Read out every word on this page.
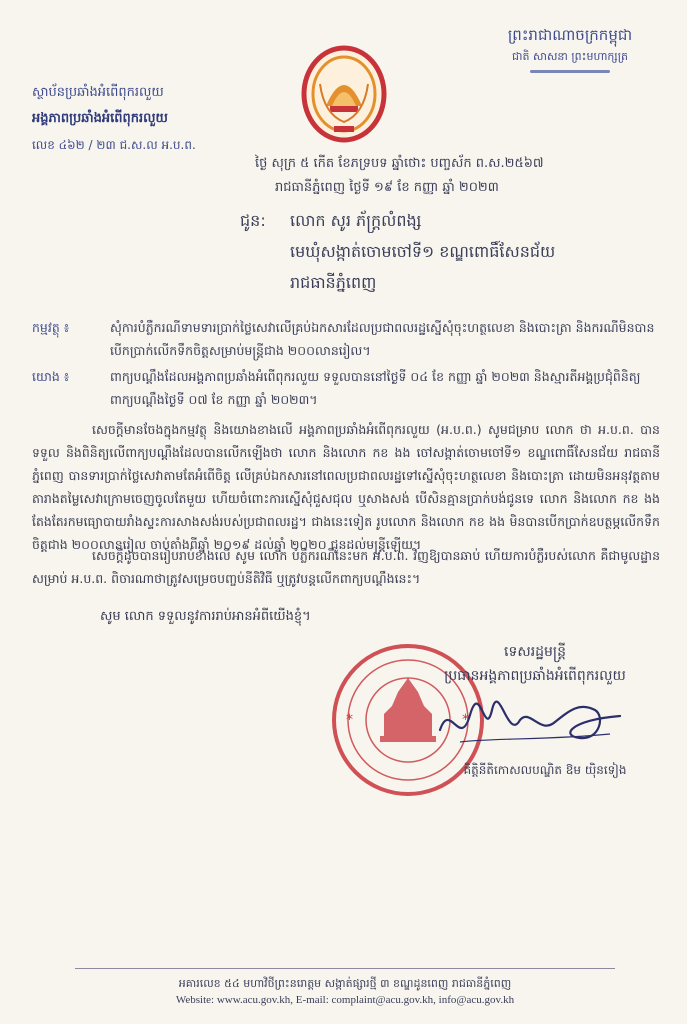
ព្រះរាជាណាចក្រកម្ពុជា
ជាតិ សាសនា ព្រះមហាក្សត្រ
ស្ថាប័នប្រឆាំងអំពើពុករលួយ
អង្គភាពប្រឆាំងអំពើពុករលួយ
លេខ ៤៦២ / ២៣ ជ.ស.ល អ.ប.ព.
ថ្ងៃ សុក្រ ៥ កើត ខែភទ្របទ ឆ្នាំថោះ បញ្ចស័ក ព.ស.២៥៦៧
រាជធានីភ្នំពេញ ថ្ងៃទី ១៩ ខែ កញ្ញា ឆ្នាំ ២០២៣
ជូន: លោក សូរ ភ័ក្រ្តលំពង្ស
មេឃុំសង្កាត់ចោមចៅទី១ ខណ្ឌពោធិ៍សែនជ័យ
រាជធានីភ្នំពេញ
កម្មវត្ថុ ៖	សុំការបំភ្លឺករណីទាមទារប្រាក់ថ្លៃសេវាលើគ្រប់ឯកសារដែលប្រជាពលរដ្ឋស្នើសុំចុះហត្ថលេខា និងបោះត្រា និងករណីមិនបានបើកប្រាក់លើកទឹកចិត្តសម្រាប់មន្ត្រីជាង ២០០លានរៀល។
យោង ៖	ពាក្យបណ្តឹងដែលអង្គភាពប្រឆាំងអំពើពុករលួយ ទទួលបាននៅថ្ងៃទី ០៤ ខែ កញ្ញា ឆ្នាំ ២០២៣ និងស្មារតីអង្គប្រជុំពិនិត្យពាក្យបណ្តឹងថ្ងៃទី ០៧ ខែ កញ្ញា ឆ្នាំ ២០២៣។
សេចក្តីមានចែងក្នុងកម្មវត្ថុ និងយោងខាងលើ អង្គភាពប្រឆាំងអំពើពុករលួយ (អ.ប.ព.) សូមជម្រាប លោក ថា អ.ប.ព. បានទទួល និងពិនិត្យលើពាក្យបណ្តឹងដែលបានលើកឡើងថា លោក និងលោក កខ ងង ចៅសង្កាត់ចោមចៅទី១ ខណ្ឌពោធិ៍សែនជ័យ រាជធានីភ្នំពេញ បានទារប្រាក់ថ្លៃសេវាតាមតែអំពើចិត្ត លើគ្រប់ឯកសារនៅពេលប្រជាពលរដ្ឋទៅស្នើសុំចុះហត្ថលេខា និងបោះត្រា ដោយមិនអនុវត្តតាមតារាងតម្លៃសេវាក្រោមចេញចូលតែមួយ ហើយចំពោះការស្នើសុំជួសជុល ឬសាងសង់ បើសិនគ្មានប្រាក់បង់ជូនទេ លោក និងលោក កខ ងង តែងតែរកមធ្យោបាយរាំងស្ទះការសាងសង់របស់ប្រជាពលរដ្ឋ។ ជាងនេះទៀត រូបលោក និងលោក កខ ងង មិនបានបើកប្រាក់ឧបត្ថម្ភលើកទឹកចិត្តជាង ២០០លានរៀល ចាប់តាំងពីឆ្នាំ ២០១៩ ដល់ឆ្នាំ ២០២០ ជូនដល់មន្ត្រីឡើយ។
សេចក្តីដូចបានរៀបរាប់ខាងលើ សូម លោក បំភ្លឺករណីនេះមក អ.ប.ព. វិញឱ្យបានឆាប់ ហើយការបំភ្លឺរបស់លោក គឺជាមូលដ្ឋានសម្រាប់ អ.ប.ព. ពិចារណាថាត្រូវសម្រេចបញ្ចប់នីតិវិធី ឬត្រូវបន្តលើកពាក្យបណ្តឹងនេះ។
សូម លោក ទទួលនូវការរាប់អានអំពីយើងខ្ញុំ។
*	*
ទេសរដ្ឋមន្ត្រី
ប្រធានអង្គភាពប្រឆាំងអំពើពុករលួយ
គិត្តិនីតិកោសលបណ្ឌិត ឱម យ៉ិនទៀង
អគារលេខ ៥៤ មហាវិថីព្រះនរោត្តម សង្កាត់ផ្សារថ្មី ៣ ខណ្ឌដូនពេញ រាជធានីភ្នំពេញ
Website: www.acu.gov.kh, E-mail: complaint@acu.gov.kh, info@acu.gov.kh
